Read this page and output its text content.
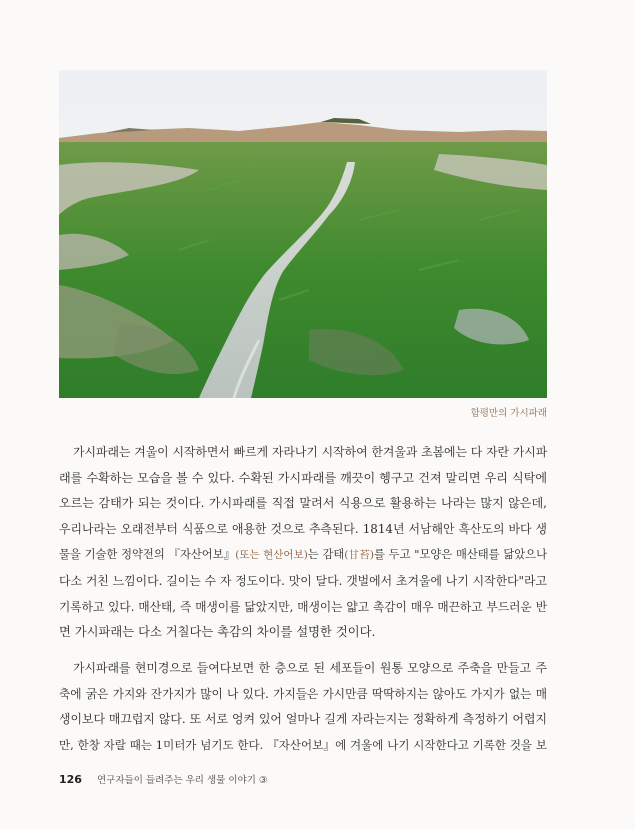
함평만의 가시파래

가시파래는 겨울이 시작하면서 빠르게 자라나기 시작하여 한겨울과 초봄에는 다 자란 가시파
래를 수확하는 모습을 볼 수 있다. 수확된 가시파래를 깨끗이 헹구고 건져 말리면 우리 식탁에
오르는 감태가 되는 것이다. 가시파래를 직접 말려서 식용으로 활용하는 나라는 많지 않은데,
우리나라는 오래전부터 식품으로 애용한 것으로 추측된다. 1814년 서남해안 흑산도의 바다 생
물을 기술한 정약전의 『자산어보』(또는 현산어보)는 감태(甘苔)를 두고 "모양은 매산태를 닮았으나
다소 거친 느낌이다. 길이는 수 자 정도이다. 맛이 달다. 갯벌에서 초겨울에 나기 시작한다"라고
기록하고 있다. 매산태, 즉 매생이를 닮았지만, 매생이는 얇고 촉감이 매우 매끈하고 부드러운 반
면 가시파래는 다소 거칠다는 촉감의 차이를 설명한 것이다.

가시파래를 현미경으로 들여다보면 한 층으로 된 세포들이 원통 모양으로 주축을 만들고 주
축에 굵은 가지와 잔가지가 많이 나 있다. 가지들은 가시만큼 딱딱하지는 않아도 가지가 없는 매
생이보다 매끄럽지 않다. 또 서로 엉켜 있어 얼마나 길게 자라는지는 정확하게 측정하기 어렵지
만, 한창 자랄 때는 1미터가 넘기도 한다. 『자산어보』에 겨울에 나기 시작한다고 기록한 것을 보

126 연구자들이 들려주는 우리 생물 이야기 ③
